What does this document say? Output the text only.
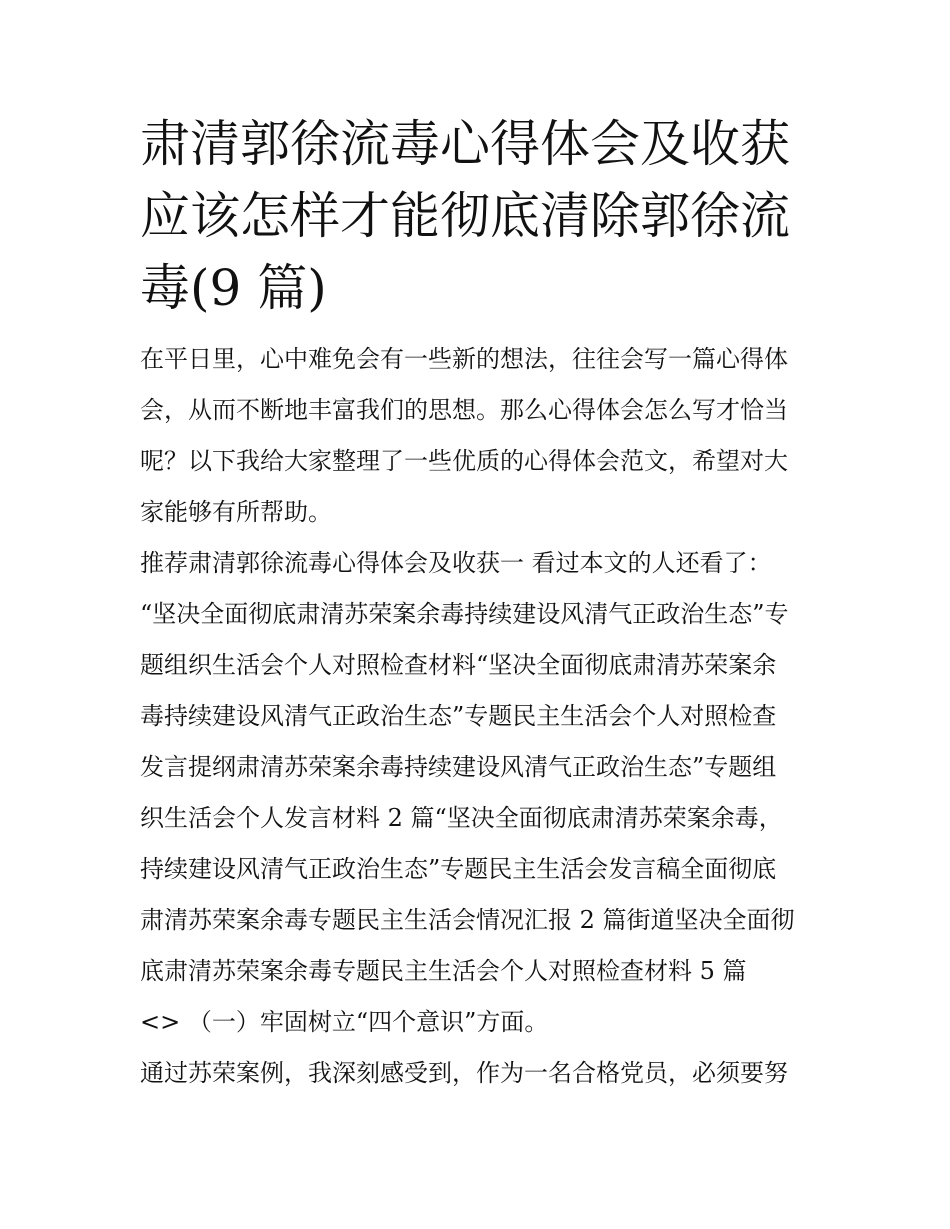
肃清郭徐流毒心得体会及收获
应该怎样才能彻底清除郭徐流
毒(9 篇)

在平日里，心中难免会有一些新的想法，往往会写一篇心得体
会，从而不断地丰富我们的思想。那么心得体会怎么写才恰当
呢？以下我给大家整理了一些优质的心得体会范文，希望对大
家能够有所帮助。

推荐肃清郭徐流毒心得体会及收获一 看过本文的人还看了：
“坚决全面彻底肃清苏荣案余毒持续建设风清气正政治生态”专
题组织生活会个人对照检查材料“坚决全面彻底肃清苏荣案余
毒持续建设风清气正政治生态”专题民主生活会个人对照检查
发言提纲肃清苏荣案余毒持续建设风清气正政治生态”专题组
织生活会个人发言材料 2 篇“坚决全面彻底肃清苏荣案余毒，
持续建设风清气正政治生态”专题民主生活会发言稿全面彻底
肃清苏荣案余毒专题民主生活会情况汇报 2 篇街道坚决全面彻
底肃清苏荣案余毒专题民主生活会个人对照检查材料 5 篇

<> （一）牢固树立“四个意识”方面。

通过苏荣案例，我深刻感受到，作为一名合格党员，必须要努
